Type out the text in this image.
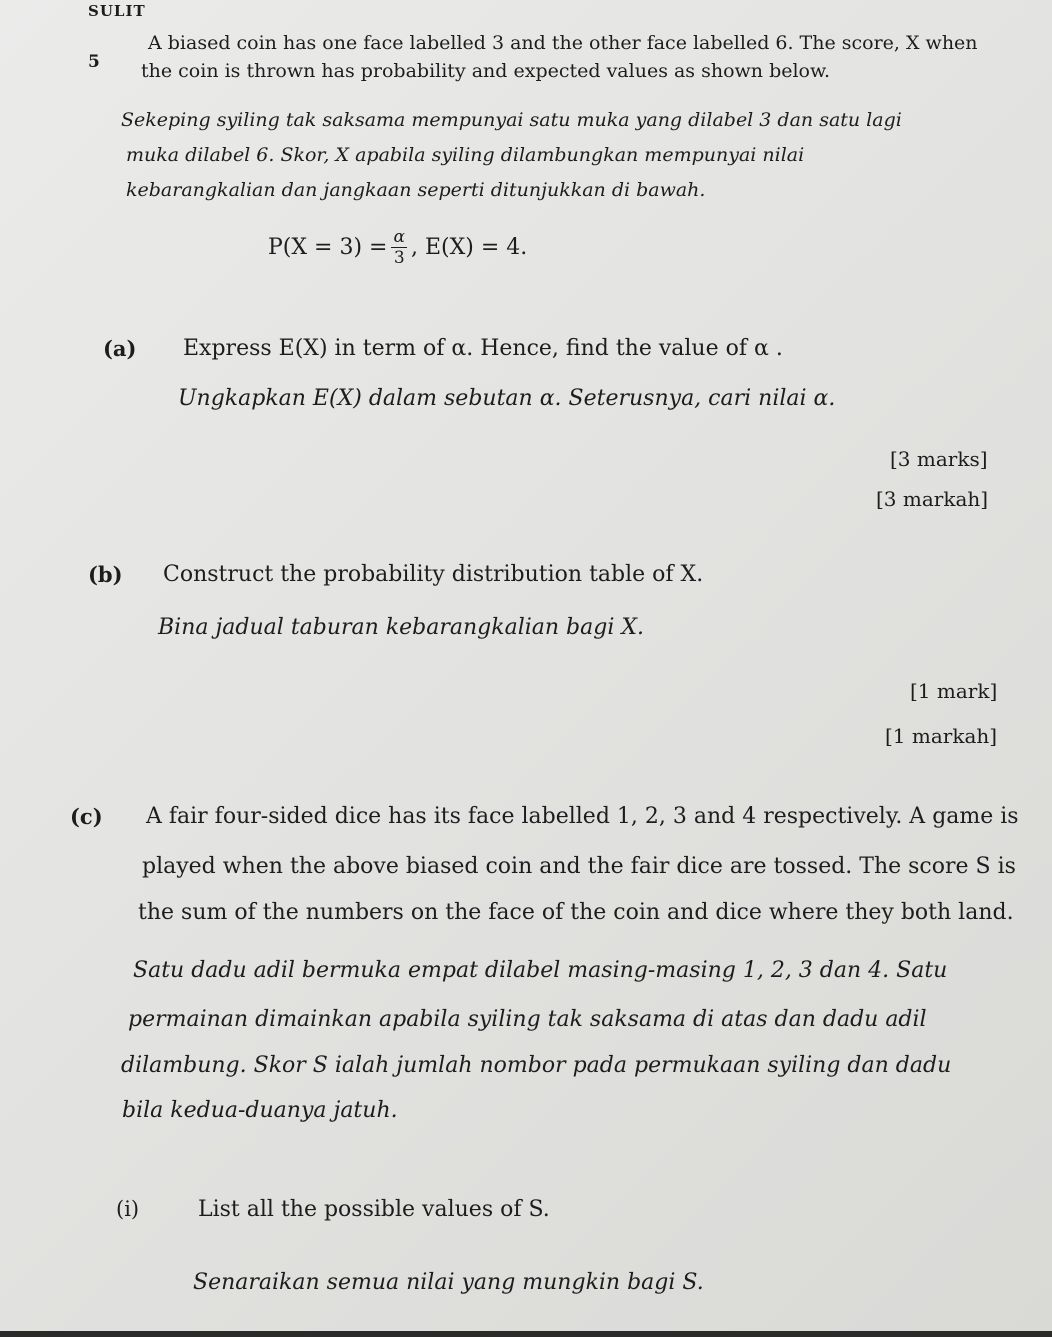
SULIT
5
A biased coin has one face labelled 3 and the other face labelled 6. The score, X when
the coin is thrown has probability and expected values as shown below.
Sekeping syiling tak saksama mempunyai satu muka yang dilabel 3 dan satu lagi
muka dilabel 6. Skor, X apabila syiling dilambungkan mempunyai nilai
kebarangkalian dan jangkaan seperti ditunjukkan di bawah.
$P(X = 3) = \frac{\alpha}{3}$ , E(X) = 4.
(a) Express E(X) in term of α. Hence, find the value of α .
Ungkapkan E(X) dalam sebutan α. Seterusnya, cari nilai α.
[3 marks]
[3 markah]
(b) Construct the probability distribution table of X.
Bina jadual taburan kebarangkalian bagi X.
[1 mark]
[1 markah]
(c) A fair four-sided dice has its face labelled 1, 2, 3 and 4 respectively. A game is
played when the above biased coin and the fair dice are tossed. The score S is
the sum of the numbers on the face of the coin and dice where they both land.
Satu dadu adil bermuka empat dilabel masing-masing 1, 2, 3 dan 4. Satu
permainan dimainkan apabila syiling tak saksama di atas dan dadu adil
dilambung. Skor S ialah jumlah nombor pada permukaan syiling dan dadu
bila kedua-duanya jatuh.
(i)	List all the possible values of S.
Senaraikan semua nilai yang mungkin bagi S.
